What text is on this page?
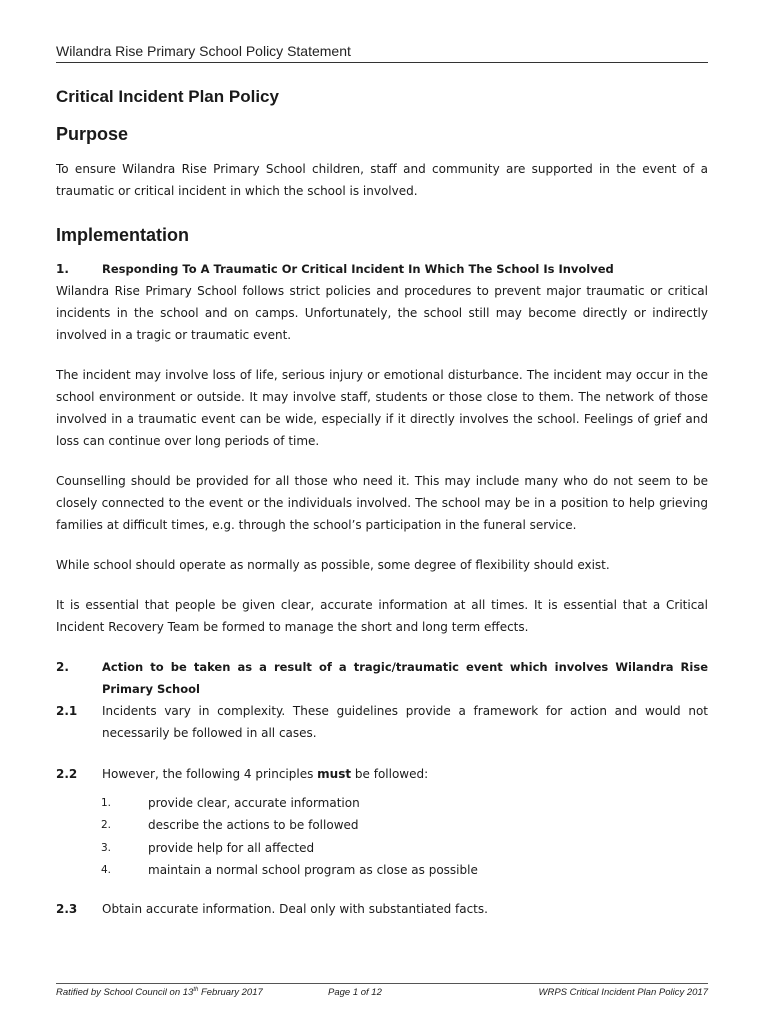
Wilandra Rise Primary School Policy Statement
Critical Incident Plan Policy
Purpose
To ensure Wilandra Rise Primary School children, staff and community are supported in the event of a traumatic or critical incident in which the school is involved.
Implementation
1.	Responding To A Traumatic Or Critical Incident In Which The School Is Involved
Wilandra Rise Primary School follows strict policies and procedures to prevent major traumatic or critical incidents in the school and on camps. Unfortunately, the school still may become directly or indirectly involved in a tragic or traumatic event.
The incident may involve loss of life, serious injury or emotional disturbance. The incident may occur in the school environment or outside. It may involve staff, students or those close to them. The network of those involved in a traumatic event can be wide, especially if it directly involves the school. Feelings of grief and loss can continue over long periods of time.
Counselling should be provided for all those who need it. This may include many who do not seem to be closely connected to the event or the individuals involved. The school may be in a position to help grieving families at difficult times, e.g. through the school’s participation in the funeral service.
While school should operate as normally as possible, some degree of flexibility should exist.
It is essential that people be given clear, accurate information at all times. It is essential that a Critical Incident Recovery Team be formed to manage the short and long term effects.
2.	Action to be taken as a result of a tragic/traumatic event which involves Wilandra Rise Primary School
2.1 Incidents vary in complexity. These guidelines provide a framework for action and would not necessarily be followed in all cases.
2.2 However, the following 4 principles must be followed:
1.	provide clear, accurate information
2.	describe the actions to be followed
3.	provide help for all affected
4.	maintain a normal school program as close as possible
2.3 Obtain accurate information. Deal only with substantiated facts.
Ratified by School Council on 13th February 2017	Page 1 of 12	WRPS Critical Incident Plan Policy 2017
